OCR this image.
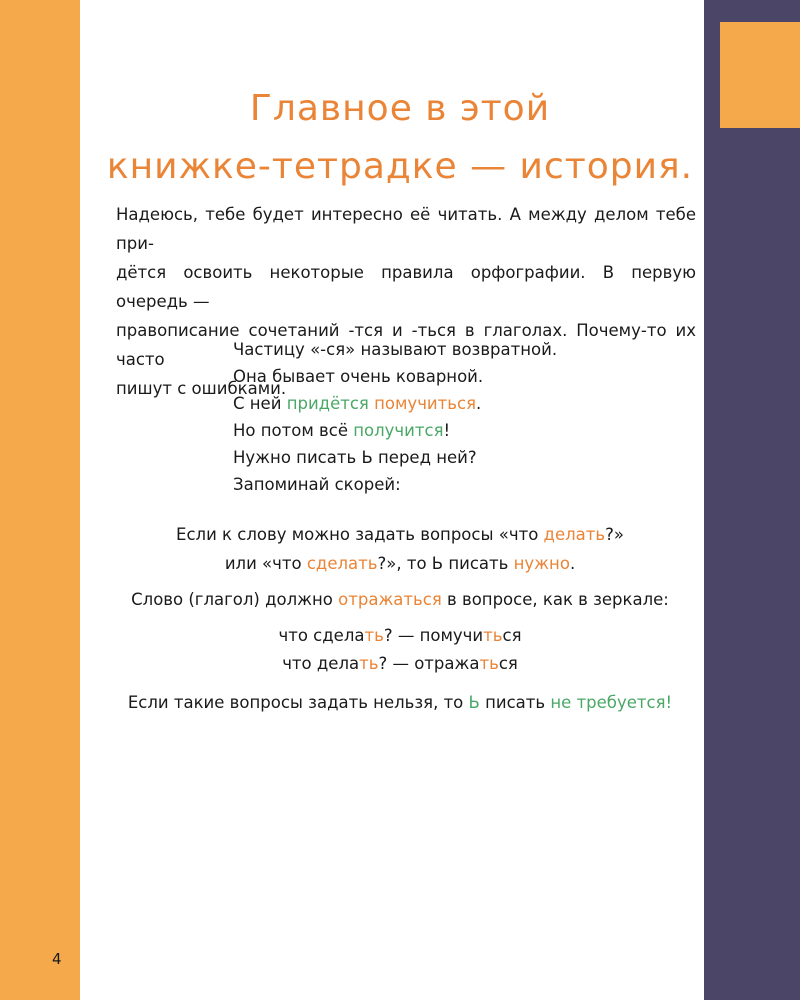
Главное в этой
книжке-тетрадке — история.

Надеюсь, тебе будет интересно её читать. А между делом тебе при-
дётся освоить некоторые правила орфографии. В первую очередь —
правописание сочетаний -тся и -ться в глаголах. Почему-то их часто
пишут с ошибками.

Частицу «-ся» называют возвратной.
Она бывает очень коварной.
С ней придётся помучиться.
Но потом всё получится!
Нужно писать Ь перед ней?
Запоминай скорей:
Если к слову можно задать вопросы «что делать?»
или «что сделать?», то Ь писать нужно.
Слово (глагол) должно отражаться в вопросе, как в зеркале:
что сделать? — помучиться
что делать? — отражаться
Если такие вопросы задать нельзя, то Ь писать не требуется!
4
